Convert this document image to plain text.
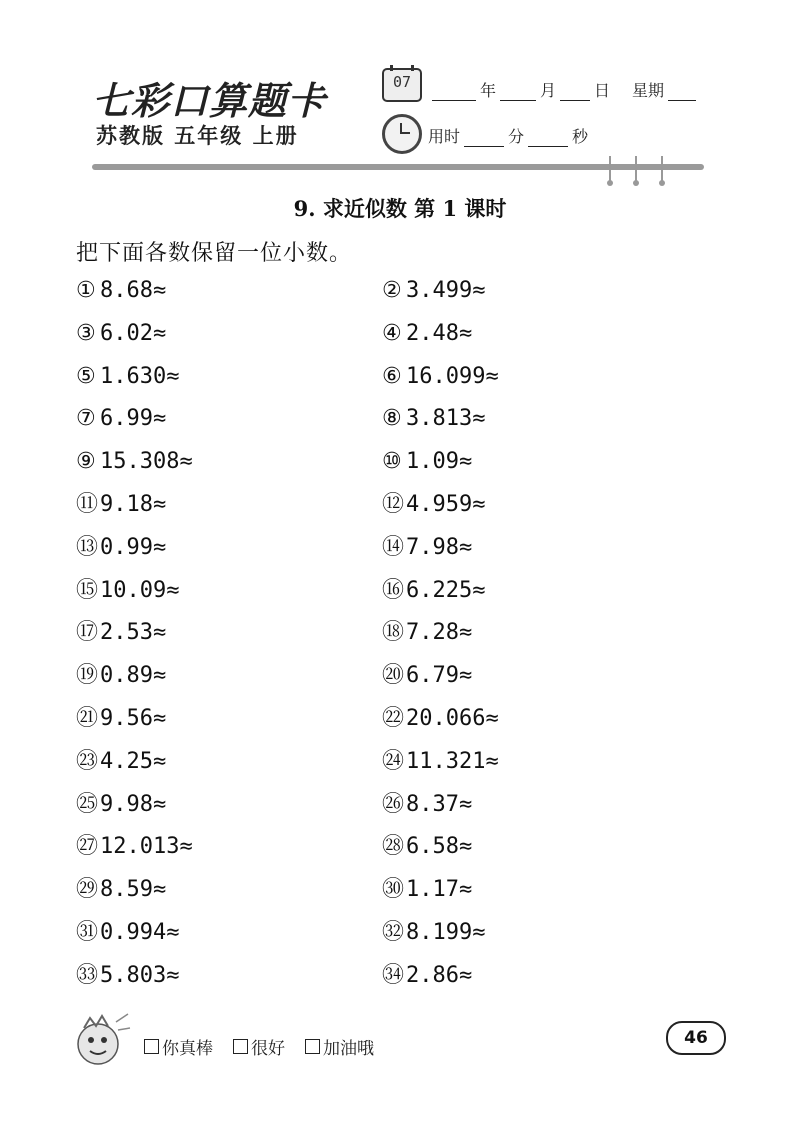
七彩口算题卡
苏教版 五年级 上册
07	年	月 日 星期
用时	分	秒
9. 求近似数 第 1 课时
把下面各数保留一位小数。
① 8.68≈	② 3.499≈
③ 6.02≈	④ 2.48≈
⑤ 1.630≈	⑥ 16.099≈
⑦ 6.99≈	⑧ 3.813≈
⑨ 15.308≈	⑩ 1.09≈
⑪9.18≈	⑫4.959≈
⑬0.99≈	⑭7.98≈
⑮10.09≈	⑯6.225≈
⑰2.53≈	⑱7.28≈
⑲0.89≈	⑳6.79≈
㉑9.56≈	㉒20.066≈
㉓4.25≈	㉔11.321≈
㉕9.98≈	㉖8.37≈
㉗12.013≈	㉘6.58≈
㉙8.59≈	㉚1.17≈
㉛0.994≈	㉜8.199≈
㉝5.803≈	㉞2.86≈
你真棒 很好 加油哦
46
